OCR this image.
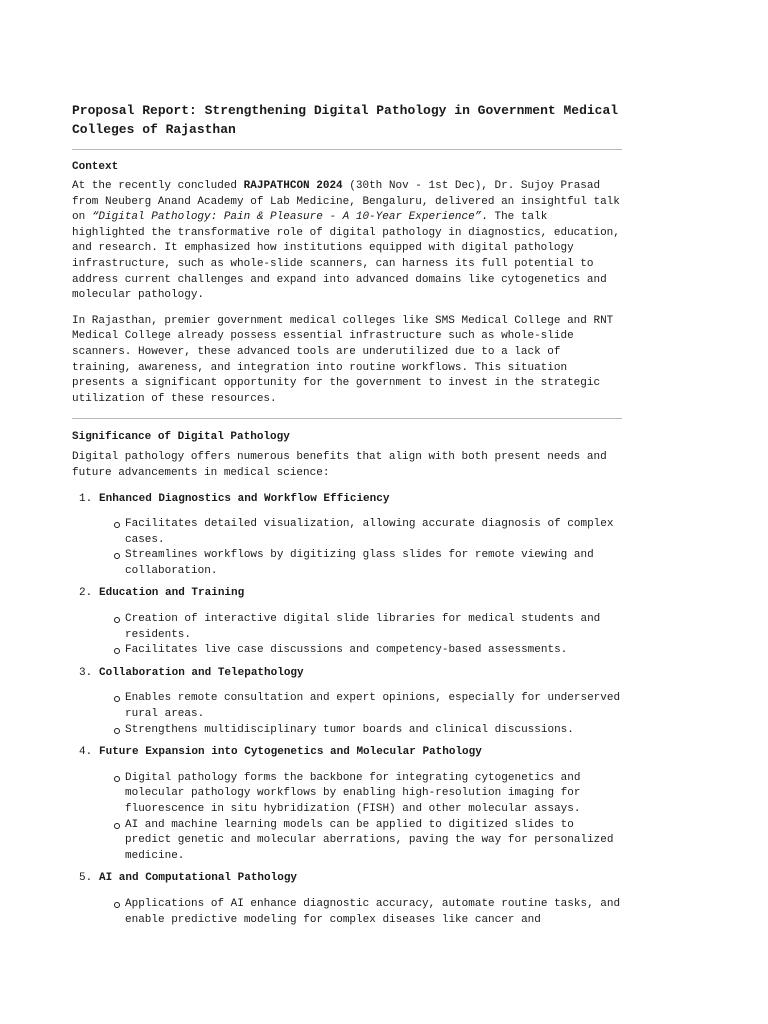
Proposal Report: Strengthening Digital Pathology in Government Medical Colleges of Rajasthan
Context

At the recently concluded RAJPATHCON 2024 (30th Nov - 1st Dec), Dr. Sujoy Prasad from Neuberg Anand Academy of Lab Medicine, Bengaluru, delivered an insightful talk on “Digital Pathology: Pain & Pleasure - A 10-Year Experience”. The talk highlighted the transformative role of digital pathology in diagnostics, education, and research. It emphasized how institutions equipped with digital pathology infrastructure, such as whole-slide scanners, can harness its full potential to address current challenges and expand into advanced domains like cytogenetics and molecular pathology.

In Rajasthan, premier government medical colleges like SMS Medical College and RNT Medical College already possess essential infrastructure such as whole-slide scanners. However, these advanced tools are underutilized due to a lack of training, awareness, and integration into routine workflows. This situation presents a significant opportunity for the government to invest in the strategic utilization of these resources.

Significance of Digital Pathology

Digital pathology offers numerous benefits that align with both present needs and future advancements in medical science:

1. Enhanced Diagnostics and Workflow Efficiency
Facilitates detailed visualization, allowing accurate diagnosis of complex cases.
Streamlines workflows by digitizing glass slides for remote viewing and collaboration.
2. Education and Training
Creation of interactive digital slide libraries for medical students and residents.
Facilitates live case discussions and competency-based assessments.
3. Collaboration and Telepathology
Enables remote consultation and expert opinions, especially for underserved rural areas.
Strengthens multidisciplinary tumor boards and clinical discussions.
4. Future Expansion into Cytogenetics and Molecular Pathology
Digital pathology forms the backbone for integrating cytogenetics and molecular pathology workflows by enabling high-resolution imaging for fluorescence in situ hybridization (FISH) and other molecular assays.
AI and machine learning models can be applied to digitized slides to predict genetic and molecular aberrations, paving the way for personalized medicine.
5. AI and Computational Pathology
Applications of AI enhance diagnostic accuracy, automate routine tasks, and enable predictive modeling for complex diseases like cancer and
